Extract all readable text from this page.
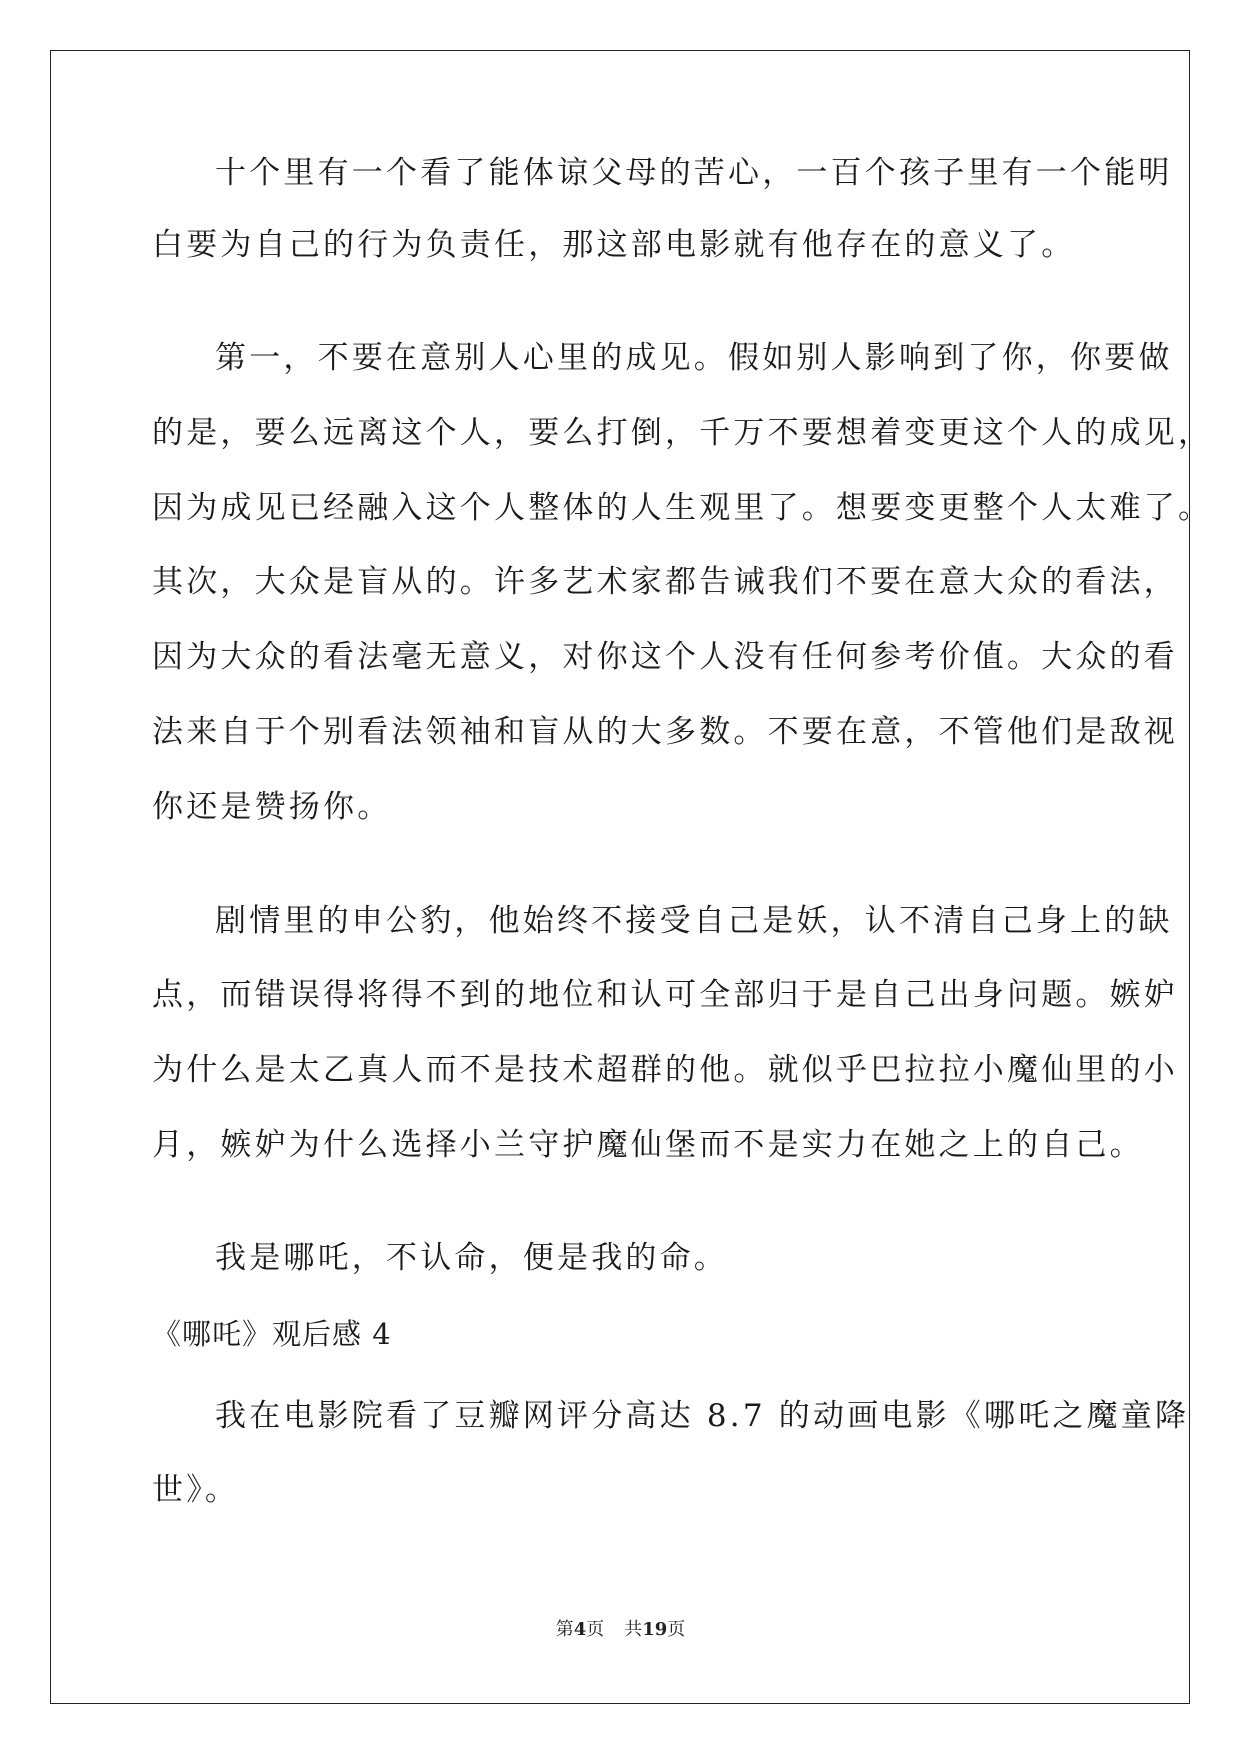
十个里有一个看了能体谅父母的苦心，一百个孩子里有一个能明
白要为自己的行为负责任，那这部电影就有他存在的意义了。
第一，不要在意别人心里的成见。假如别人影响到了你，你要做
的是，要么远离这个人，要么打倒，千万不要想着变更这个人的成见，
因为成见已经融入这个人整体的人生观里了。想要变更整个人太难了。
其次，大众是盲从的。许多艺术家都告诫我们不要在意大众的看法，
因为大众的看法毫无意义，对你这个人没有任何参考价值。大众的看
法来自于个别看法领袖和盲从的大多数。不要在意，不管他们是敌视
你还是赞扬你。
剧情里的申公豹，他始终不接受自己是妖，认不清自己身上的缺
点，而错误得将得不到的地位和认可全部归于是自己出身问题。嫉妒
为什么是太乙真人而不是技术超群的他。就似乎巴拉拉小魔仙里的小
月，嫉妒为什么选择小兰守护魔仙堡而不是实力在她之上的自己。
我是哪吒，不认命，便是我的命。
《哪吒》观后感 4
我在电影院看了豆瓣网评分高达 8.7 的动画电影《哪吒之魔童降
世》。
第4页 共19页
